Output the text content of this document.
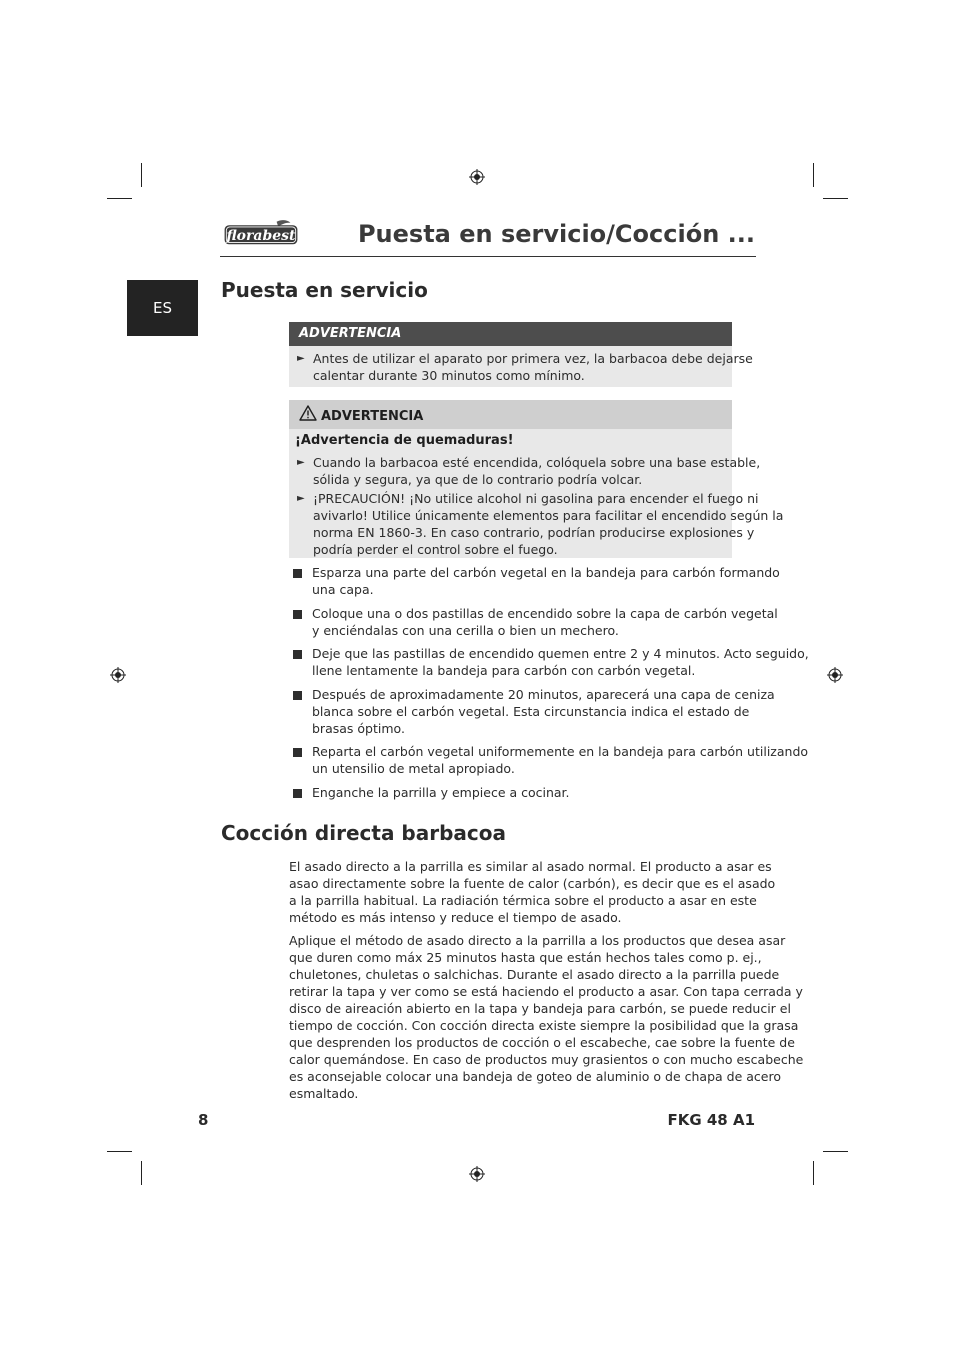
florabest	Puesta en servicio/Cocción ...
ES
Puesta en servicio
ADVERTENCIA
► Antes de utilizar el aparato por primera vez, la barbacoa debe dejarse
calentar durante 30 minutos como mínimo.
ADVERTENCIA
¡Advertencia de quemaduras!
► Cuando la barbacoa esté encendida, colóquela sobre una base estable,
sólida y segura, ya que de lo contrario podría volcar.
► ¡PRECAUCIÓN! ¡No utilice alcohol ni gasolina para encender el fuego ni
avivarlo! Utilice únicamente elementos para facilitar el encendido según la
norma EN 1860-3. En caso contrario, podrían producirse explosiones y
podría perder el control sobre el fuego.
Esparza una parte del carbón vegetal en la bandeja para carbón formando
una capa.
Coloque una o dos pastillas de encendido sobre la capa de carbón vegetal
y enciéndalas con una cerilla o bien un mechero.
Deje que las pastillas de encendido quemen entre 2 y 4 minutos. Acto seguido,
llene lentamente la bandeja para carbón con carbón vegetal.
Después de aproximadamente 20 minutos, aparecerá una capa de ceniza
blanca sobre el carbón vegetal. Esta circunstancia indica el estado de
brasas óptimo.
Reparta el carbón vegetal uniformemente en la bandeja para carbón utilizando
un utensilio de metal apropiado.
Enganche la parrilla y empiece a cocinar.
Cocción directa barbacoa
El asado directo a la parrilla es similar al asado normal. El producto a asar es
asao directamente sobre la fuente de calor (carbón), es decir que es el asado
a la parrilla habitual. La radiación térmica sobre el producto a asar en este
método es más intenso y reduce el tiempo de asado.
Aplique el método de asado directo a la parrilla a los productos que desea asar
que duren como máx 25 minutos hasta que están hechos tales como p. ej.,
chuletones, chuletas o salchichas. Durante el asado directo a la parrilla puede
retirar la tapa y ver como se está haciendo el producto a asar. Con tapa cerrada y
disco de aireación abierto en la tapa y bandeja para carbón, se puede reducir el
tiempo de cocción. Con cocción directa existe siempre la posibilidad que la grasa
que desprenden los productos de cocción o el escabeche, cae sobre la fuente de
calor quemándose. En caso de productos muy grasientos o con mucho escabeche
es aconsejable colocar una bandeja de goteo de aluminio o de chapa de acero
esmaltado.
8	FKG 48 A1
